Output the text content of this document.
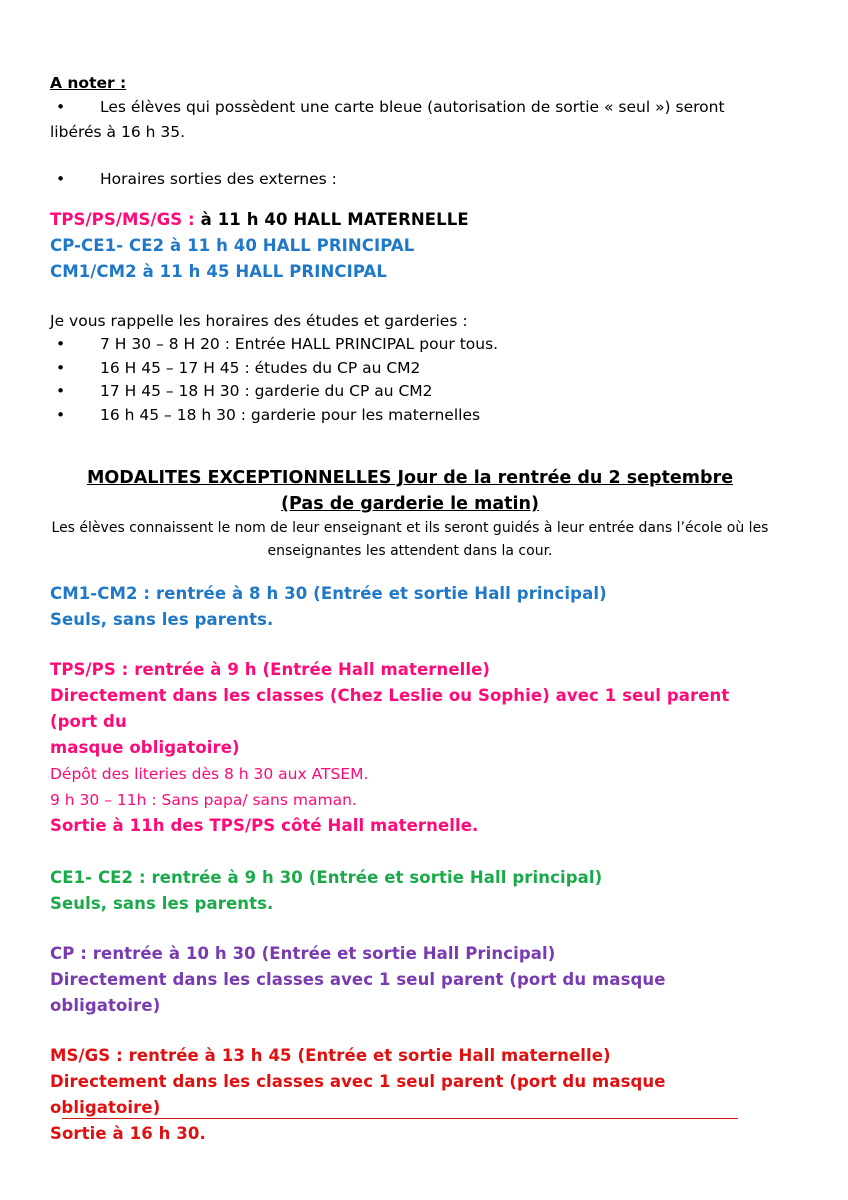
A noter :

•	Les élèves qui possèdent une carte bleue (autorisation de sortie « seul ») seront

libérés à 16 h 35.

•	Horaires sorties des externes :
TPS/PS/MS/GS : à 11 h 40 HALL MATERNELLE
CP-CE1- CE2 à 11 h 40 HALL PRINCIPAL
CM1/CM2 à 11 h 45 HALL PRINCIPAL

Je vous rappelle les horaires des études et garderies :

•	7 H 30 – 8 H 20 : Entrée HALL PRINCIPAL pour tous.
•	16 H 45 – 17 H 45 : études du CP au CM2
•	17 H 45 – 18 H 30 : garderie du CP au CM2
•	16 h 45 – 18 h 30 : garderie pour les maternelles
MODALITES EXCEPTIONNELLES Jour de la rentrée du 2 septembre
(Pas de garderie le matin)
Les élèves connaissent le nom de leur enseignant et ils seront guidés à leur entrée dans l’école où les
enseignantes les attendent dans la cour.
CM1-CM2 : rentrée à 8 h 30 (Entrée et sortie Hall principal)
Seuls, sans les parents.
TPS/PS : rentrée à 9 h (Entrée Hall maternelle)
Directement dans les classes (Chez Leslie ou Sophie) avec 1 seul parent (port du
masque obligatoire)
Dépôt des literies dès 8 h 30 aux ATSEM.
9 h 30 – 11h : Sans papa/ sans maman.
Sortie à 11h des TPS/PS côté Hall maternelle.
CE1- CE2 : rentrée à 9 h 30 (Entrée et sortie Hall principal)
Seuls, sans les parents.
CP : rentrée à 10 h 30 (Entrée et sortie Hall Principal)
Directement dans les classes avec 1 seul parent (port du masque obligatoire)
MS/GS : rentrée à 13 h 45 (Entrée et sortie Hall maternelle)
Directement dans les classes avec 1 seul parent (port du masque obligatoire)
Sortie à 16 h 30.
